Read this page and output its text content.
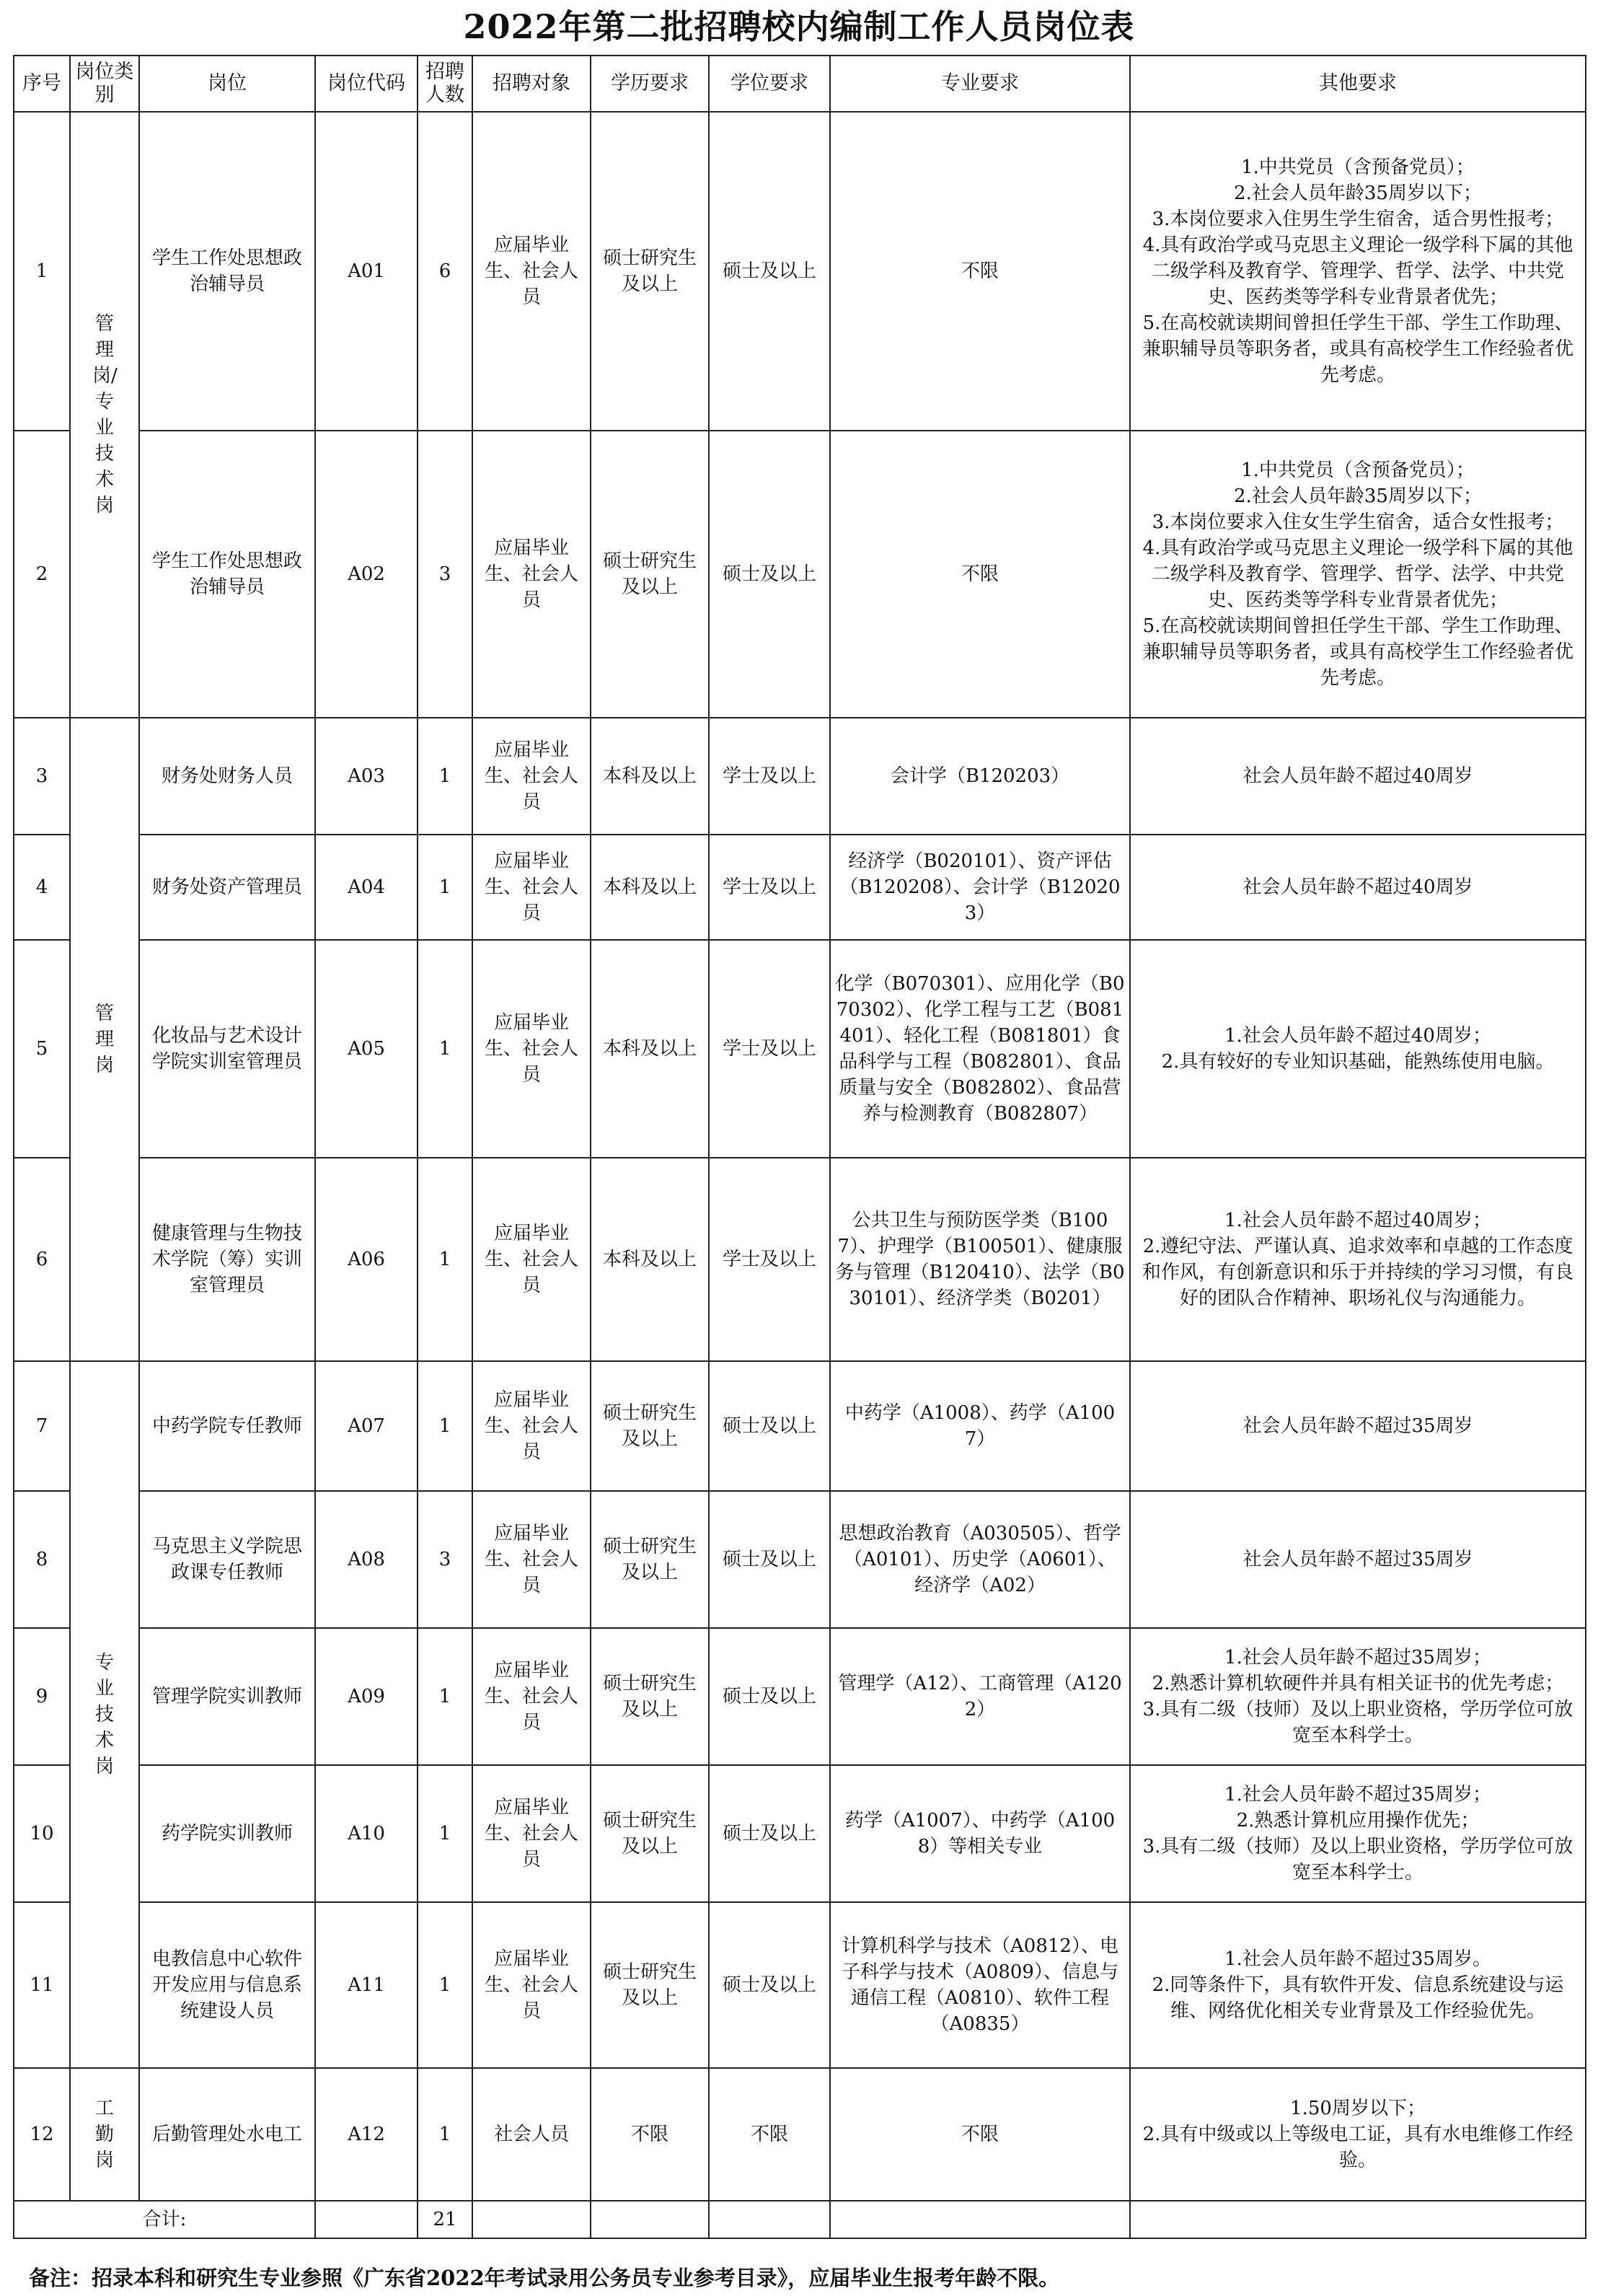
2022年第二批招聘校内编制工作人员岗位表
序号	岗位类别	岗位	岗位代码	招聘人数	招聘对象	学历要求	学位要求	专业要求	其他要求
1	管理岗/专业技术岗	学生工作处思想政治辅导员	A01	6	应届毕业生、社会人员	硕士研究生及以上	硕士及以上	不限	1.中共党员（含预备党员）；
2.社会人员年龄35周岁以下；
3.本岗位要求入住男生学生宿舍，适合男性报考；
4.具有政治学或马克思主义理论一级学科下属的其他二级学科及教育学、管理学、哲学、法学、中共党史、医药类等学科专业背景者优先；
5.在高校就读期间曾担任学生干部、学生工作助理、兼职辅导员等职务者，或具有高校学生工作经验者优先考虑。

2		学生工作处思想政治辅导员	A02	3	应届毕业生、社会人员	硕士研究生及以上	硕士及以上	不限	1.中共党员（含预备党员）；
2.社会人员年龄35周岁以下；
3.本岗位要求入住女生学生宿舍，适合女性报考；
4.具有政治学或马克思主义理论一级学科下属的其他二级学科及教育学、管理学、哲学、法学、中共党史、医药类等学科专业背景者优先；
5.在高校就读期间曾担任学生干部、学生工作助理、兼职辅导员等职务者，或具有高校学生工作经验者优先考虑。

3	管理岗	财务处财务人员	A03	1	应届毕业生、社会人员	本科及以上	学士及以上	会计学（B120203）	社会人员年龄不超过40周岁

4		财务处资产管理员	A04	1	应届毕业生、社会人员	本科及以上	学士及以上	经济学（B020101）、资产评估（B120208）、会计学（B120203）	社会人员年龄不超过40周岁

5		化妆品与艺术设计学院实训室管理员	A05	1	应届毕业生、社会人员	本科及以上	学士及以上	化学（B070301）、应用化学（B070302）、化学工程与工艺（B081401）、轻化工程（B081801）食品科学与工程（B082801）、食品质量与安全（B082802）、食品营养与检测教育（B082807）	1.社会人员年龄不超过40周岁；
2.具有较好的专业知识基础，能熟练使用电脑。

6		健康管理与生物技术学院（筹）实训室管理员	A06	1	应届毕业生、社会人员	本科及以上	学士及以上	公共卫生与预防医学类（B1007）、护理学（B100501）、健康服务与管理（B120410）、法学（B030101）、经济学类（B0201）	1.社会人员年龄不超过40周岁；
2.遵纪守法、严谨认真、追求效率和卓越的工作态度和作风，有创新意识和乐于并持续的学习习惯，有良好的团队合作精神、职场礼仪与沟通能力。

7	专业技术岗	中药学院专任教师	A07	1	应届毕业生、社会人员	硕士研究生及以上	硕士及以上	中药学（A1008）、药学（A1007）	社会人员年龄不超过35周岁

8		马克思主义学院思政课专任教师	A08	3	应届毕业生、社会人员	硕士研究生及以上	硕士及以上	思想政治教育（A030505）、哲学（A0101）、历史学（A0601）、经济学（A02）	社会人员年龄不超过35周岁

9		管理学院实训教师	A09	1	应届毕业生、社会人员	硕士研究生及以上	硕士及以上	管理学（A12）、工商管理（A1202）	1.社会人员年龄不超过35周岁；
2.熟悉计算机软硬件并具有相关证书的优先考虑；
3.具有二级（技师）及以上职业资格，学历学位可放宽至本科学士。

10		药学院实训教师	A10	1	应届毕业生、社会人员	硕士研究生及以上	硕士及以上	药学（A1007）、中药学（A1008）等相关专业	1.社会人员年龄不超过35周岁；
2.熟悉计算机应用操作优先；
3.具有二级（技师）及以上职业资格，学历学位可放宽至本科学士。

11		电教信息中心软件开发应用与信息系统建设人员	A11	1	应届毕业生、社会人员	硕士研究生及以上	硕士及以上	计算机科学与技术（A0812）、电子科学与技术（A0809）、信息与通信工程（A0810）、软件工程（A0835）	1.社会人员年龄不超过35周岁。
2.同等条件下，具有软件开发、信息系统建设与运维、网络优化相关专业背景及工作经验优先。

12	工勤岗	后勤管理处水电工	A12	1	社会人员	不限	不限	不限	1.50周岁以下；
2.具有中级或以上等级电工证，具有水电维修工作经验。

合计:				21					
备注：招录本科和研究生专业参照《广东省2022年考试录用公务员专业参考目录》，应届毕业生报考年龄不限。
